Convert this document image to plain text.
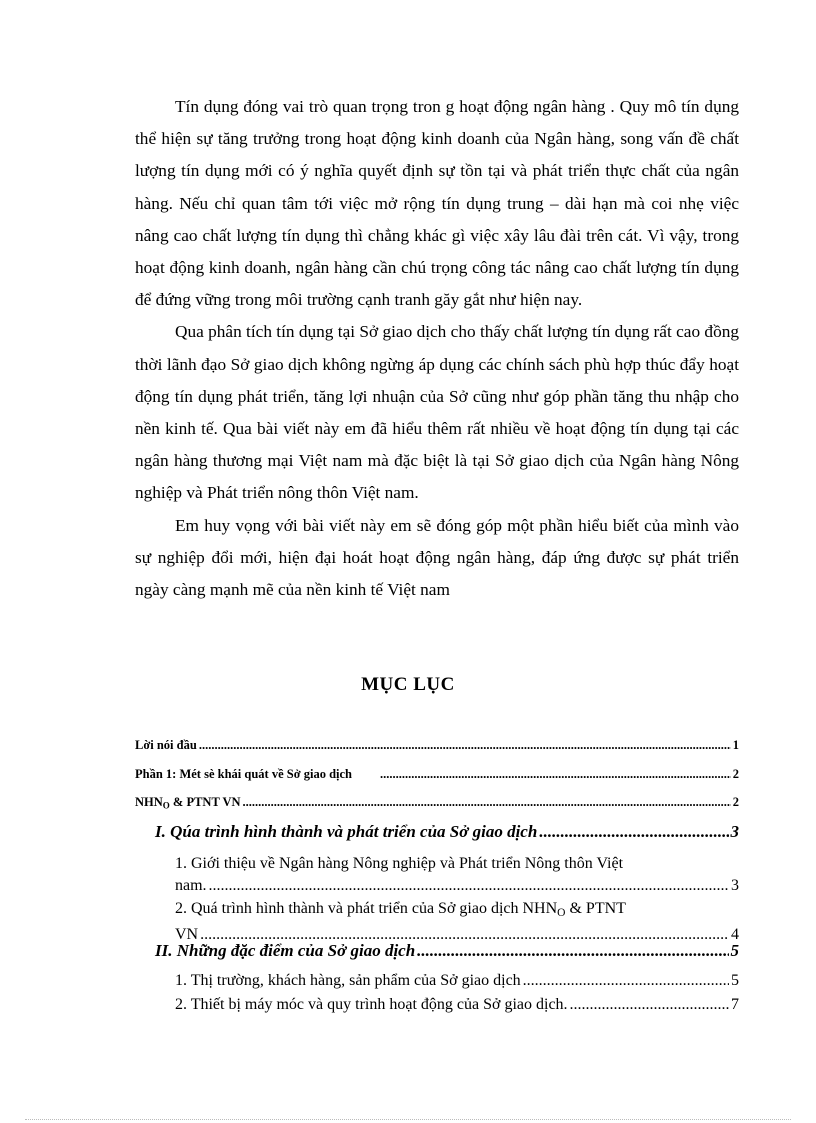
Tín dụng đóng vai trò quan trọng tron g hoạt động ngân hàng . Quy mô tín dụng thể hiện sự tăng trưởng trong hoạt động kinh doanh của Ngân hàng, song vấn đề chất lượng tín dụng mới có ý nghĩa quyết định sự tồn tại và phát triển thực chất của ngân hàng. Nếu chỉ quan tâm tới việc mở rộng tín dụng trung – dài hạn mà coi nhẹ việc nâng cao chất lượng tín dụng thì chẳng khác gì việc xây lâu đài trên cát. Vì vậy, trong hoạt động kinh doanh, ngân hàng cần chú trọng công tác nâng cao chất lượng tín dụng để đứng vững trong môi trường cạnh tranh găy gắt như hiện nay.

Qua phân tích tín dụng tại Sở giao dịch cho thấy chất lượng tín dụng rất cao đồng thời lãnh đạo Sở giao dịch không ngừng áp dụng các chính sách phù hợp thúc đẩy hoạt động tín dụng phát triển, tăng lợi nhuận của Sở cũng như góp phần tăng thu nhập cho nền kinh tế. Qua bài viết này em đã hiểu thêm rất nhiều về hoạt động tín dụng tại các ngân hàng thương mại Việt nam mà đặc biệt là tại Sở giao dịch của Ngân hàng Nông nghiệp và Phát triển nông thôn Việt nam.

Em huy vọng với bài viết này em sẽ đóng góp một phần hiểu biết của mình vào sự nghiệp đổi mới, hiện đại hoát hoạt động ngân hàng, đáp ứng được sự phát triển ngày càng mạnh mẽ của nền kinh tế Việt nam

MỤC LỤC
Lời nói đầu .....	1
Phần 1: Mét sè khái quát về Sở giao dịch .....	2
$NHN_O$ & PTNT VN .....	2
I. Qúa trình hình thành và phát triển của Sở giao dịch .....	3
1. Giới thiệu về Ngân hàng Nông nghiệp và Phát triển Nông thôn Việt
nam. .....	3
2. Quá trình hình thành và phát triển của Sở giao dịch $NHN_O$ & PTNT
VN .....	4
II. Những đặc điểm của Sở giao dịch .....	5
1. Thị trường, khách hàng, sản phẩm của Sở giao dịch .....	5
2. Thiết bị máy móc và quy trình hoạt động của Sở giao dịch. .....	7
